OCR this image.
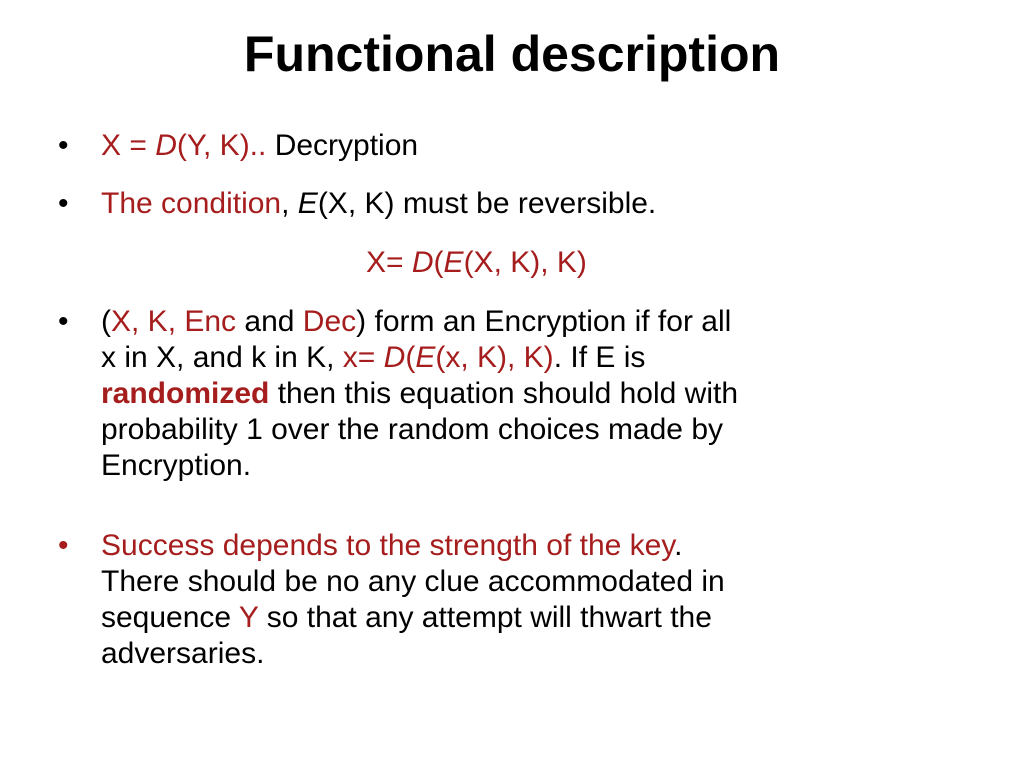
Functional description
•	X = D(Y, K).. Decryption
•	The condition, E(X, K) must be reversible.
X= D(E(X, K), K)
•	(X, K, Enc and Dec) form an Encryption if for all
x in X, and k in K, x= D(E(x, K), K). If E is
randomized then this equation should hold with
probability 1 over the random choices made by
Encryption.
•	Success depends to the strength of the key.
There should be no any clue accommodated in
sequence Y so that any attempt will thwart the
adversaries.
